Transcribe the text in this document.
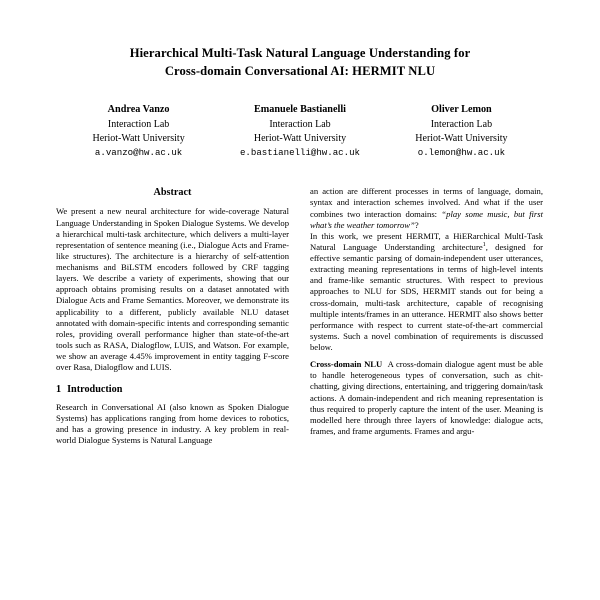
Hierarchical Multi-Task Natural Language Understanding for
Cross-domain Conversational AI: HERMIT NLU
Andrea Vanzo
Interaction Lab
Heriot-Watt University
a.vanzo@hw.ac.uk
Emanuele Bastianelli
Interaction Lab
Heriot-Watt University
e.bastianelli@hw.ac.uk
Oliver Lemon
Interaction Lab
Heriot-Watt University
o.lemon@hw.ac.uk
Abstract

We present a new neural architecture for wide-coverage Natural Language Understanding in Spoken Dialogue Systems. We develop a hierarchical multi-task architecture, which delivers a multi-layer representation of sentence meaning (i.e., Dialogue Acts and Frame-like structures). The architecture is a hierarchy of self-attention mechanisms and BiLSTM encoders followed by CRF tagging layers. We describe a variety of experiments, showing that our approach obtains promising results on a dataset annotated with Dialogue Acts and Frame Semantics. Moreover, we demonstrate its applicability to a different, publicly available NLU dataset annotated with domain-specific intents and corresponding semantic roles, providing overall performance higher than state-of-the-art tools such as RASA, Dialogflow, LUIS, and Watson. For example, we show an average 4.45% improvement in entity tagging F-score over Rasa, Dialogflow and LUIS.

1 Introduction

Research in Conversational AI (also known as Spoken Dialogue Systems) has applications ranging from home devices to robotics, and has a growing presence in industry. A key problem in real-world Dialogue Systems is Natural Language

an action are different processes in terms of language, domain, syntax and interaction schemes involved. And what if the user combines two interaction domains: “play some music, but first what’s the weather tomorrow”?

In this work, we present HERMIT, a HiERarchical MultI-Task Natural Language Understanding architecture$^1$, designed for effective semantic parsing of domain-independent user utterances, extracting meaning representations in terms of high-level intents and frame-like semantic structures. With respect to previous approaches to NLU for SDS, HERMIT stands out for being a cross-domain, multi-task architecture, capable of recognising multiple intents/frames in an utterance. HERMIT also shows better performance with respect to current state-of-the-art commercial systems. Such a novel combination of requirements is discussed below.

Cross-domain NLU A cross-domain dialogue agent must be able to handle heterogeneous types of conversation, such as chit-chatting, giving directions, entertaining, and triggering domain/task actions. A domain-independent and rich meaning representation is thus required to properly capture the intent of the user. Meaning is modelled here through three layers of knowledge: dialogue acts, frames, and frame arguments. Frames and argu-
